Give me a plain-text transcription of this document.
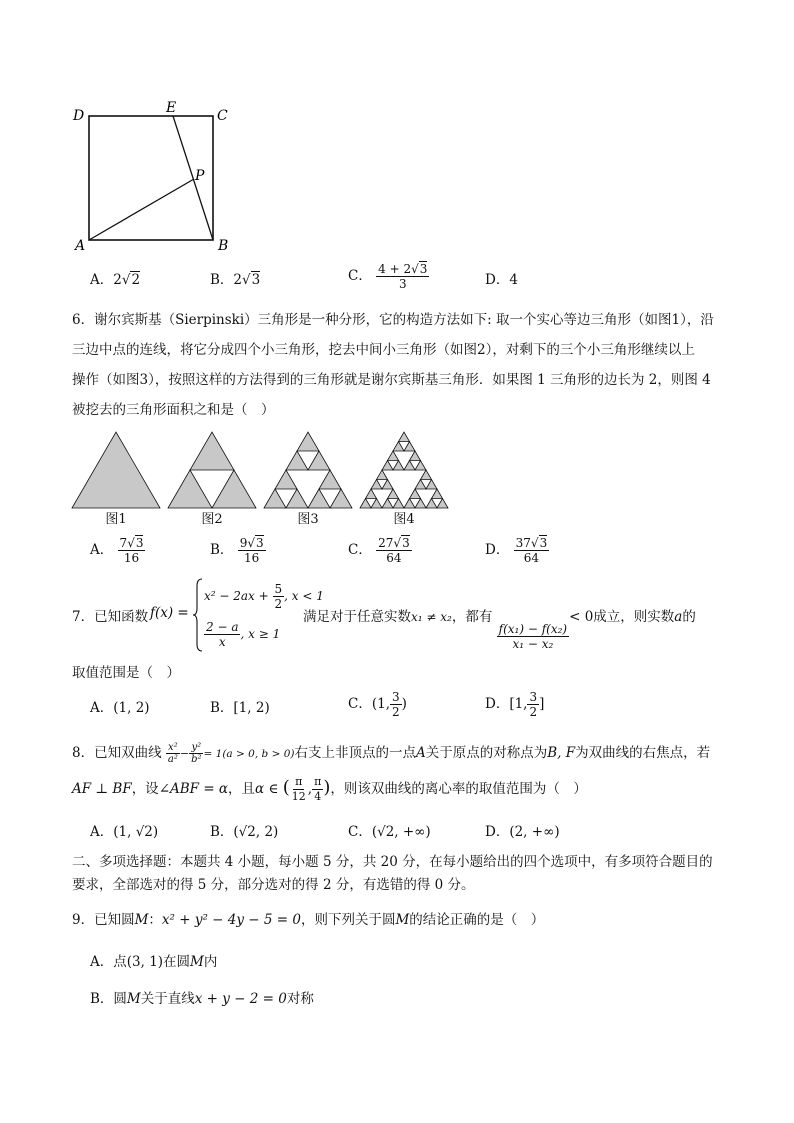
D	E	C
P
A	B
A．2√2	B．2√3	C． $\frac{4 + 2√3}{3}$	D．4
6．谢尔宾斯基（Sierpinski）三角形是一种分形，它的构造方法如下: 取一个实心等边三角形（如图1），沿
三边中点的连线，将它分成四个小三角形，挖去中间小三角形（如图2），对剩下的三个小三角形继续以上
操作（如图3），按照这样的方法得到的三角形就是谢尔宾斯基三角形．如果图 1 三角形的边长为 2，则图 4
被挖去的三角形面积之和是（　）
图1	图2	图3	图4
A． $\frac{7√3}{16}$	B． $\frac{9√3}{16}$	C． $\frac{27√3}{64}$	D． $\frac{37√3}{64}$
7．已知函数 f(x) =
$x^2 - 2ax + \frac{5}{2}$ , x < 1
$\frac{2 - a}{x}$ , x ≥ 1
满足对于任意实数x₁ ≠ x₂，都有
$\frac{\text{f(x₁) − f(x₂)}}{\text{x₁ − x₂}}$
< 0成立，则实数a的
取值范围是（　）
A．(1, 2)	B．[1, 2)	C．(1, $\frac{3}{2}$ )	D．[1, $\frac{3}{2}$ ]
8．已知双曲线 $\frac{\text{x²}}{\text{a²}} - \frac{\text{y²}}{\text{b²}} = 1(a > 0$, b > 0)右支上非顶点的一点A关于原点的对称点为B, F为双曲线的右焦点，若
AF ⊥ BF，设∠ABF = α，且α ∈ ( $\frac{\pi}{12}$ , $\frac{\pi}{4}$ )，则该双曲线的离心率的取值范围为（　）
A．(1, √2)	B．(√2, 2)	C．(√2, +∞)	D．(2, +∞)
二、多项选择题：本题共 4 小题，每小题 5 分，共 20 分，在每小题给出的四个选项中，有多项符合题目的
要求，全部选对的得 5 分，部分选对的得 2 分，有选错的得 0 分。
9．已知圆M：x² + y² − 4y − 5 = 0，则下列关于圆M的结论正确的是（　）
A．点(3, 1)在圆M内
B．圆M关于直线x + y − 2 = 0对称
